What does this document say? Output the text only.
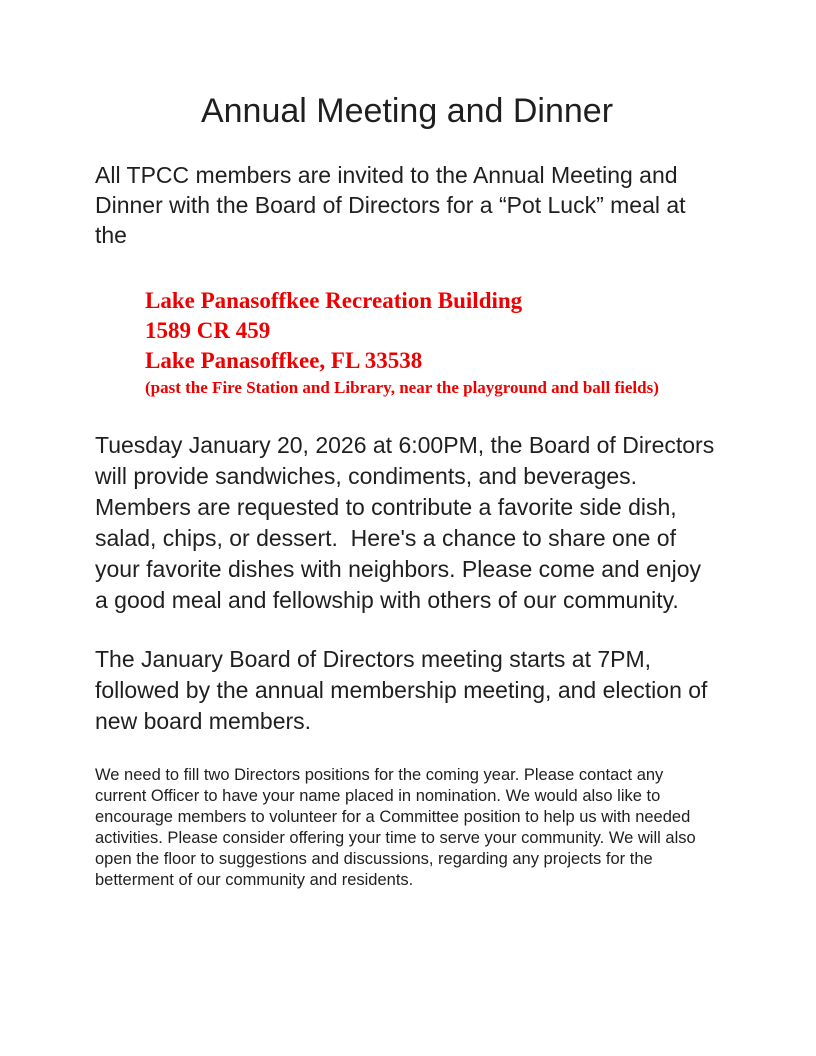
Annual Meeting and Dinner

All TPCC members are invited to the Annual Meeting and Dinner with the Board of Directors for a “Pot Luck” meal at the

Lake Panasoffkee Recreation Building
1589 CR 459
Lake Panasoffkee, FL 33538
(past the Fire Station and Library, near the playground and ball fields)

Tuesday January 20, 2026 at 6:00PM, the Board of Directors will provide sandwiches, condiments, and beverages. Members are requested to contribute a favorite side dish, salad, chips, or dessert.  Here's a chance to share one of your favorite dishes with neighbors. Please come and enjoy a good meal and fellowship with others of our community.

The January Board of Directors meeting starts at 7PM, followed by the annual membership meeting, and election of new board members.

We need to fill two Directors positions for the coming year. Please contact any current Officer to have your name placed in nomination. We would also like to encourage members to volunteer for a Committee position to help us with needed activities. Please consider offering your time to serve your community. We will also open the floor to suggestions and discussions, regarding any projects for the betterment of our community and residents.
